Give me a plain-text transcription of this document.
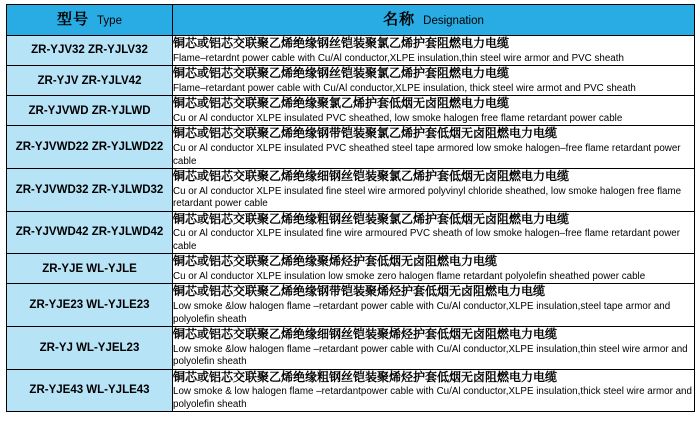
型号 Type	名称 Designation

ZR-YJV32 ZR-YJLV32	铜芯或铝芯交联聚乙烯绝缘钢丝铠装聚氯乙烯护套阻燃电力电缆
Flame–retardnt power cable with Cu/Al conductor,XLPE insulation,thin steel wire armor and PVC sheath

ZR-YJV ZR-YJLV42	铜芯或铝芯交联聚乙烯绝缘钢丝铠装聚氯乙烯护套阻燃电力电缆
Flame–retardant power cable with Cu/Al conductor,XLPE insulation, thick steel wire armot and PVC sheath

ZR-YJVWD ZR-YJLWD	铜芯或铝芯交联聚乙烯绝缘聚氯乙烯护套低烟无卤阻燃电力电缆
Cu or Al conductor XLPE insulated PVC sheathed, low smoke halogen free flame retardant power cable

ZR-YJVWD22 ZR-YJLWD22	铜芯或铝芯交联聚乙烯绝缘钢带铠装聚氯乙烯护套低烟无卤阻燃电力电缆
Cu or Al conductor XLPE insulated PVC sheathed steel tape armored low smoke halogen–free flame retardant power cable

ZR-YJVWD32 ZR-YJLWD32	铜芯或铝芯交联聚乙烯绝缘细钢丝铠装聚氯乙烯护套低烟无卤阻燃电力电缆
Cu or Al conductor XLPE insulated fine steel wire armored polyvinyl chloride sheathed, low smoke halogen free flame retardant power cable

ZR-YJVWD42 ZR-YJLWD42	铜芯或铝芯交联聚乙烯绝缘粗钢丝铠装聚氯乙烯护套低烟无卤阻燃电力电缆
Cu or Al conductor XLPE insulated fine wire armoured PVC sheath of low smoke halogen–free flame retardant power cable

ZR-YJE WL-YJLE	铜芯或铝芯交联聚乙烯绝缘聚烯烃护套低烟无卤阻燃电力电缆
Cu or Al conductor XLPE insulation low smoke zero halogen flame retardant polyolefin sheathed power cable

ZR-YJE23 WL-YJLE23	铜芯或铝芯交联聚乙烯绝缘钢带铠装聚烯烃护套低烟无卤阻燃电力电缆
Low smoke &low halogen flame –retardant power cable with Cu/Al conductor,XLPE insulation,steel tape armor and polyolefin sheath

ZR-YJ WL-YJEL23	铜芯或铝芯交联聚乙烯绝缘细钢丝铠装聚烯烃护套低烟无卤阻燃电力电缆
Low smoke &low halogen flame –retardant power cable with Cu/Al conductor,XLPE insulation,thin steel wire armor and polyolefin sheath

ZR-YJE43 WL-YJLE43	铜芯或铝芯交联聚乙烯绝缘粗钢丝铠装聚烯烃护套低烟无卤阻燃电力电缆
Low smoke & low halogen flame –retardantpower cable with Cu/Al conductor,XLPE insulation,thick steel wire armor and polyolefin sheath
